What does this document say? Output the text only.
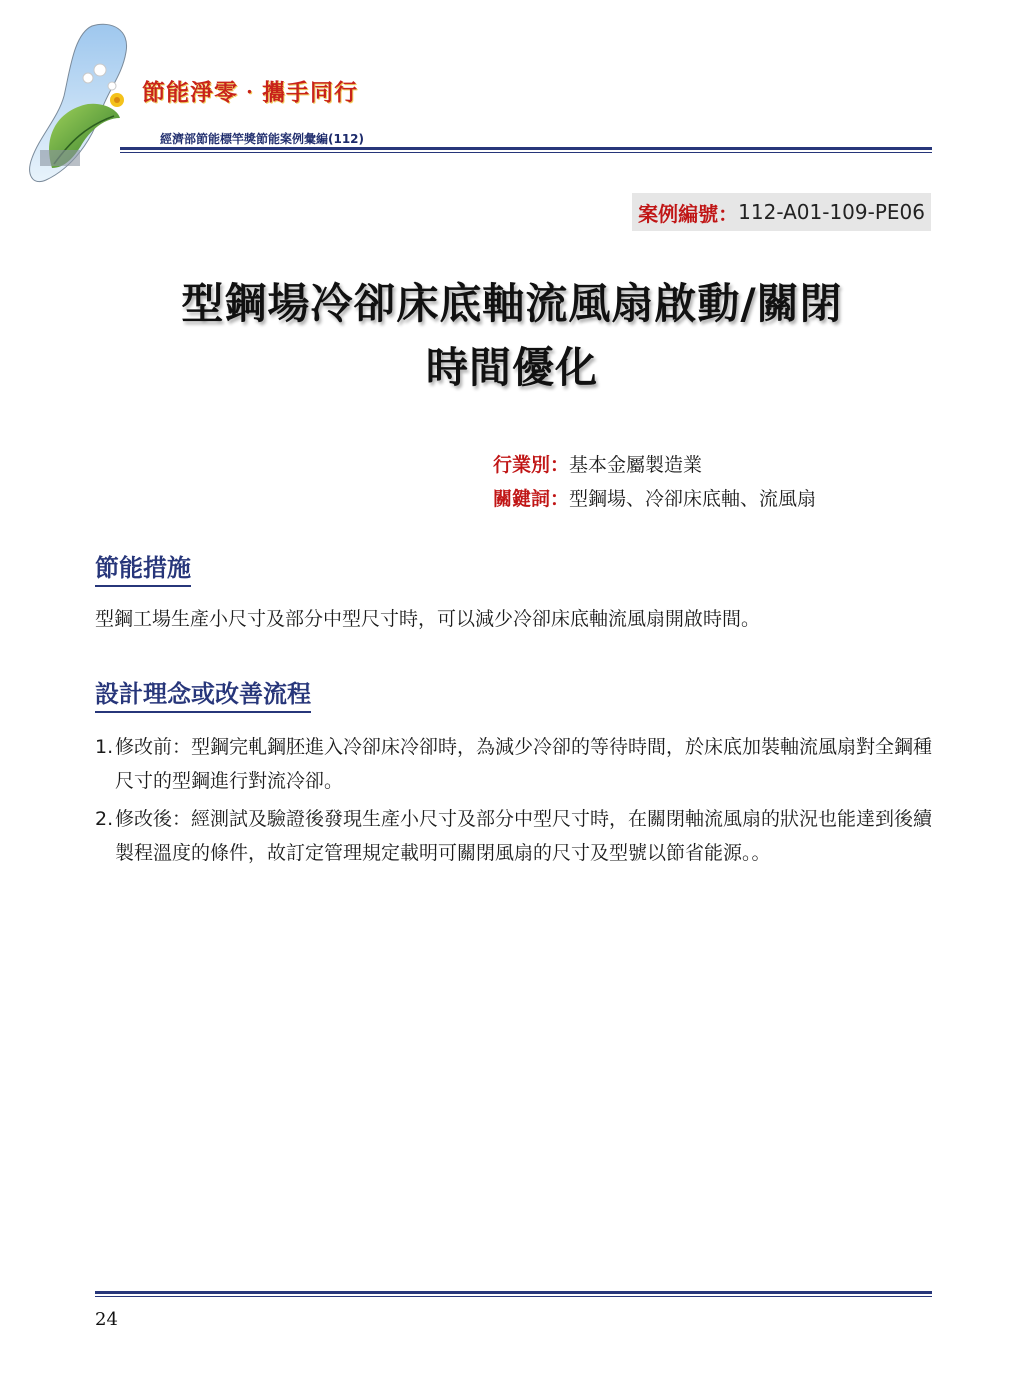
節能淨零‧攜手同行
經濟部節能標竿獎節能案例彙編(112)
案例編號： 112-A01-109-PE06
型鋼場冷卻床底軸流風扇啟動/關閉
時間優化
行業別：基本金屬製造業
關鍵詞：型鋼場、冷卻床底軸、流風扇
節能措施
型鋼工場生產小尺寸及部分中型尺寸時，可以減少冷卻床底軸流風扇開啟時間。
設計理念或改善流程
1. 修改前：型鋼完軋鋼胚進入冷卻床冷卻時，為減少冷卻的等待時間，於床底加裝軸流風扇對全鋼種尺寸的型鋼進行對流冷卻。
2. 修改後：經測試及驗證後發現生產小尺寸及部分中型尺寸時，在關閉軸流風扇的狀況也能達到後續製程溫度的條件，故訂定管理規定載明可關閉風扇的尺寸及型號以節省能源。。
24
